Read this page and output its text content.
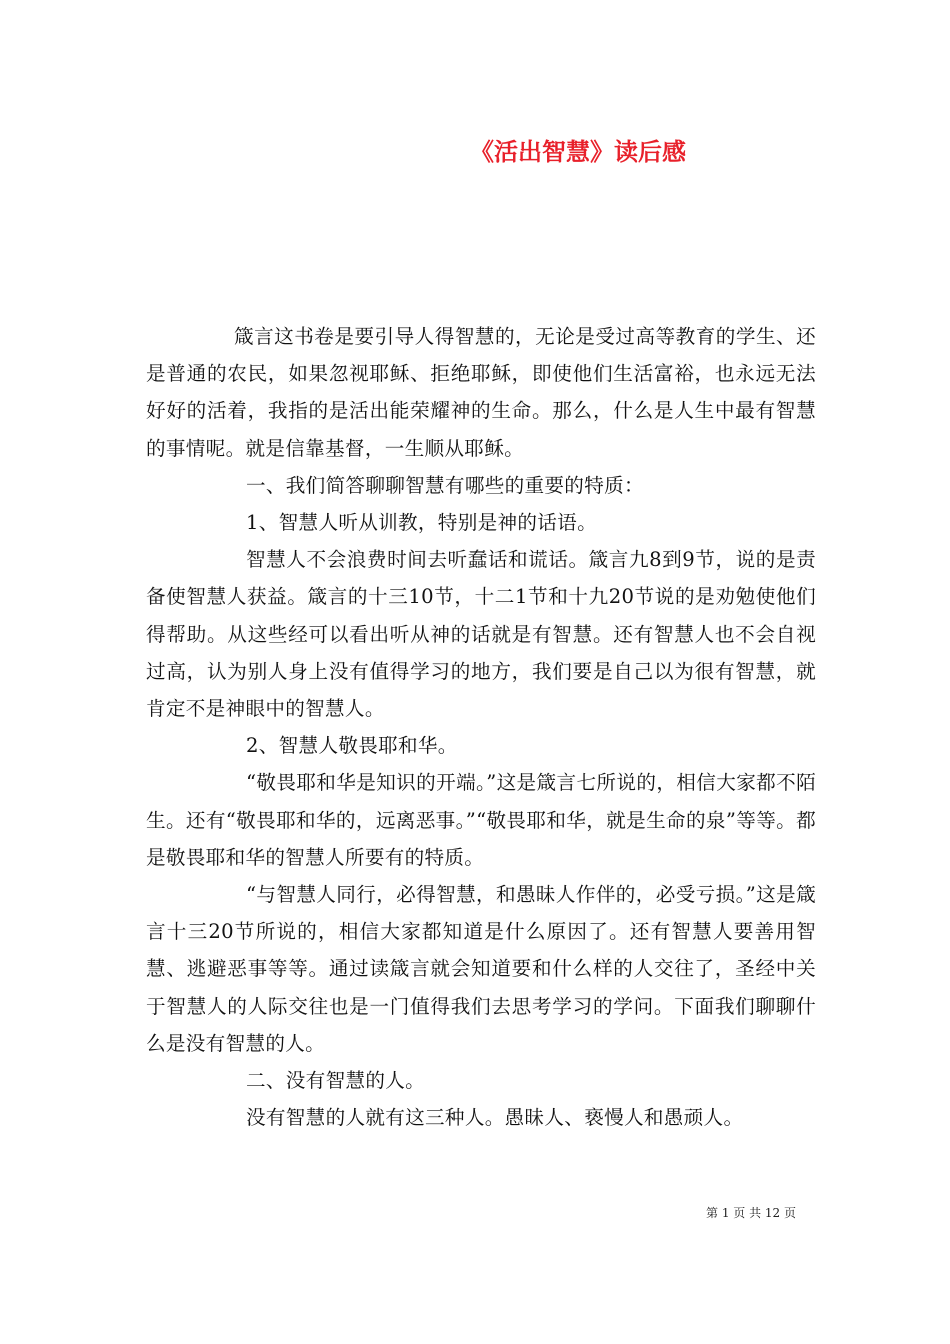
《活出智慧》读后感

箴言这书卷是要引导人得智慧的，无论是受过高等教育的学生、还是普通的农民，如果忽视耶稣、拒绝耶稣，即使他们生活富裕，也永远无法好好的活着，我指的是活出能荣耀神的生命。那么，什么是人生中最有智慧的事情呢。就是信靠基督，一生顺从耶稣。

一、我们简答聊聊智慧有哪些的重要的特质：

1、智慧人听从训教，特别是神的话语。

智慧人不会浪费时间去听蠢话和谎话。箴言九8到9节，说的是责备使智慧人获益。箴言的十三10节，十二1节和十九20节说的是劝勉使他们得帮助。从这些经可以看出听从神的话就是有智慧。还有智慧人也不会自视过高，认为别人身上没有值得学习的地方，我们要是自己以为很有智慧，就肯定不是神眼中的智慧人。

2、智慧人敬畏耶和华。

“敬畏耶和华是知识的开端。”这是箴言七所说的，相信大家都不陌生。还有“敬畏耶和华的，远离恶事。”“敬畏耶和华，就是生命的泉”等等。都是敬畏耶和华的智慧人所要有的特质。

“与智慧人同行，必得智慧，和愚昧人作伴的，必受亏损。”这是箴言十三20节所说的，相信大家都知道是什么原因了。还有智慧人要善用智慧、逃避恶事等等。通过读箴言就会知道要和什么样的人交往了，圣经中关于智慧人的人际交往也是一门值得我们去思考学习的学问。下面我们聊聊什么是没有智慧的人。

二、没有智慧的人。

没有智慧的人就有这三种人。愚昧人、亵慢人和愚顽人。

第 1 页 共 12 页
